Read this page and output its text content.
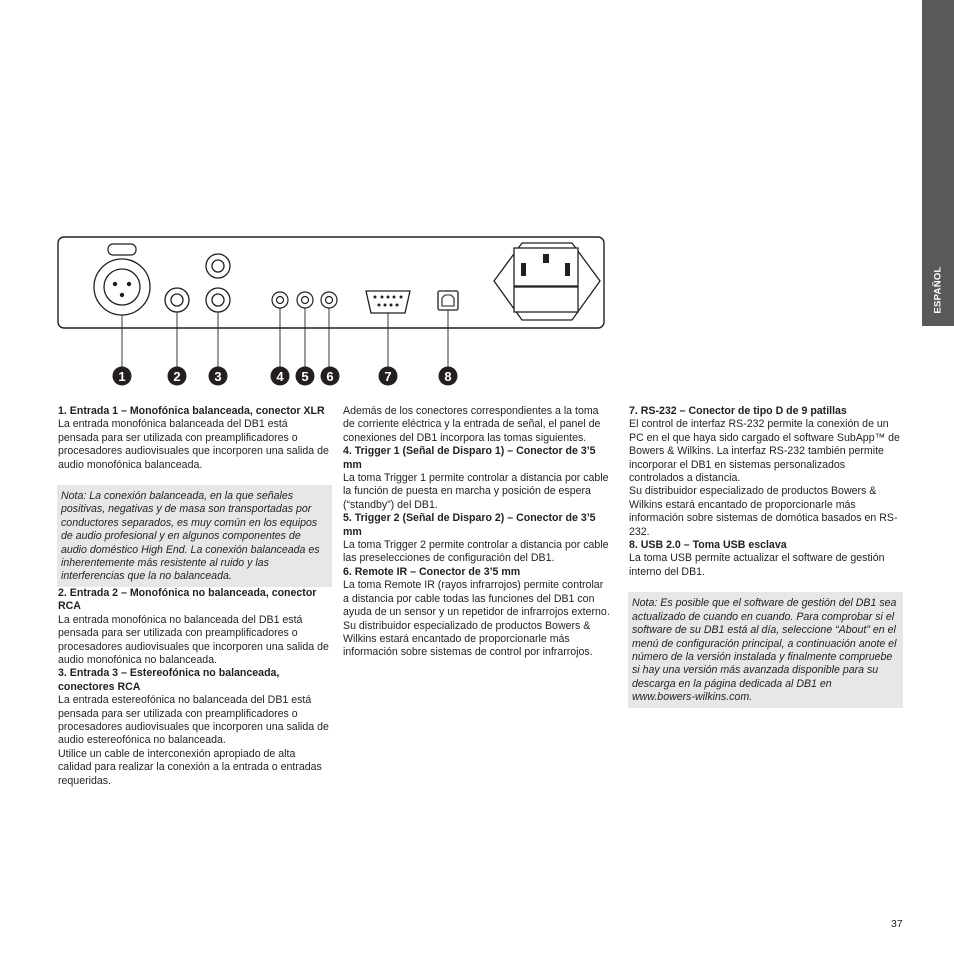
ESPAÑOL
1	2	3	4 5 6	7	8
1. Entrada 1 – Monofónica balanceada, conector XLR

La entrada monofónica balanceada del DB1 está pensada para ser utilizada con preamplificadores o procesadores audiovisuales que incorporen una salida de audio monofónica balanceada.

Nota: La conexión balanceada, en la que señales positivas, negativas y de masa son transportadas por conductores separados, es muy común en los equipos de audio profesional y en algunos componentes de audio doméstico High End. La conexión balanceada es inherentemente más resistente al ruido y las interferencias que la no balanceada.

2. Entrada 2 – Monofónica no balanceada, conector RCA

La entrada monofónica no balanceada del DB1 está pensada para ser utilizada con preamplificadores o procesadores audiovisuales que incorporen una salida de audio monofónica no balanceada.

3. Entrada 3 – Estereofónica no balanceada, conectores RCA

La entrada estereofónica no balanceada del DB1 está pensada para ser utilizada con preamplificadores o procesadores audiovisuales que incorporen una salida de audio estereofónica no balanceada.

Utilice un cable de interconexión apropiado de alta calidad para realizar la conexión a la entrada o entradas requeridas.

Además de los conectores correspondientes a la toma de corriente eléctrica y la entrada de señal, el panel de conexiones del DB1 incorpora las tomas siguientes.

4. Trigger 1 (Señal de Disparo 1) – Conector de 3’5 mm

La toma Trigger 1 permite controlar a distancia por cable la función de puesta en marcha y posición de espera (“standby”) del DB1.

5. Trigger 2 (Señal de Disparo 2) – Conector de 3’5 mm

La toma Trigger 2 permite controlar a distancia por cable las preselecciones de configuración del DB1.

6. Remote IR – Conector de 3’5 mm

La toma Remote IR (rayos infrarrojos) permite controlar a distancia por cable todas las funciones del DB1 con ayuda de un sensor y un repetidor de infrarrojos externo.

Su distribuidor especializado de productos Bowers & Wilkins estará encantado de proporcionarle más información sobre sistemas de control por infrarrojos.

7. RS-232 – Conector de tipo D de 9 patillas

El control de interfaz RS-232 permite la conexión de un PC en el que haya sido cargado el software SubApp™ de Bowers & Wilkins. La interfaz RS-232 también permite incorporar el DB1 en sistemas personalizados controlados a distancia.

Su distribuidor especializado de productos Bowers & Wilkins estará encantado de proporcionarle más información sobre sistemas de domótica basados en RS-232.

8. USB 2.0 – Toma USB esclava

La toma USB permite actualizar el software de gestión interno del DB1.

Nota: Es posible que el software de gestión del DB1 sea actualizado de cuando en cuando. Para comprobar si el software de su DB1 está al día, seleccione “About” en el menú de configuración principal, a continuación anote el número de la versión instalada y finalmente compruebe si hay una versión más avanzada disponible para su descarga en la página dedicada al DB1 en www.bowers-wilkins.com.

37
